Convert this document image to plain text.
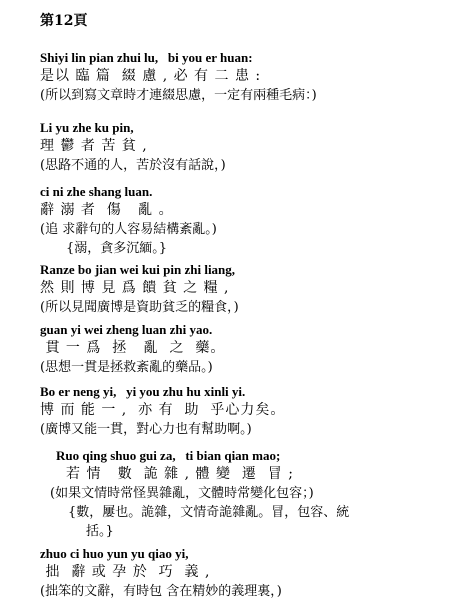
第12頁
Shiyi lin pian zhui lu,   bi you er huan:
是以 臨 篇  綴 慮 , 必 有 二 患 :
(所以到寫文章時才連綴思慮，一定有兩種毛病：)
Li yu zhe ku pin,
理 鬱 者 苦 貧 ,
(思路不通的人，苦於沒有話說，)
ci ni zhe shang luan.
辭 溺 者  傷   亂 。
(追 求辭句的人容易結構紊亂。)
{溺，貪多沉緬。}
Ranze bo jian wei kui pin zhi liang,
然 則 博 見 爲 饋 貧 之 糧 ,
(所以見聞廣博是資助貧乏的糧食，)
guan yi wei zheng luan zhi yao.
貫 一 爲  拯   亂  之  藥。
(思想一貫是拯救紊亂的藥品。)
Bo er neng yi,   yi you zhu hu xinli yi.
博 而 能 一 ,  亦 有  助  乎心力矣。
(廣博又能一貫，對心力也有幫助啊。)
Ruo qing shuo gui za,   ti bian qian mao;
若 情   數  詭 雜 , 體 變  遷  冒 ;
(如果文情時常怪異雜亂，文體時常變化包容；)
{數，屢也。詭雜，文情奇詭雜亂。冒，包容、統
括。}
zhuo ci huo yun yu qiao yi,
拙  辭 或 孕 於  巧  義 ,
(拙笨的文辭，有時包 含在精妙的義理裏，)
